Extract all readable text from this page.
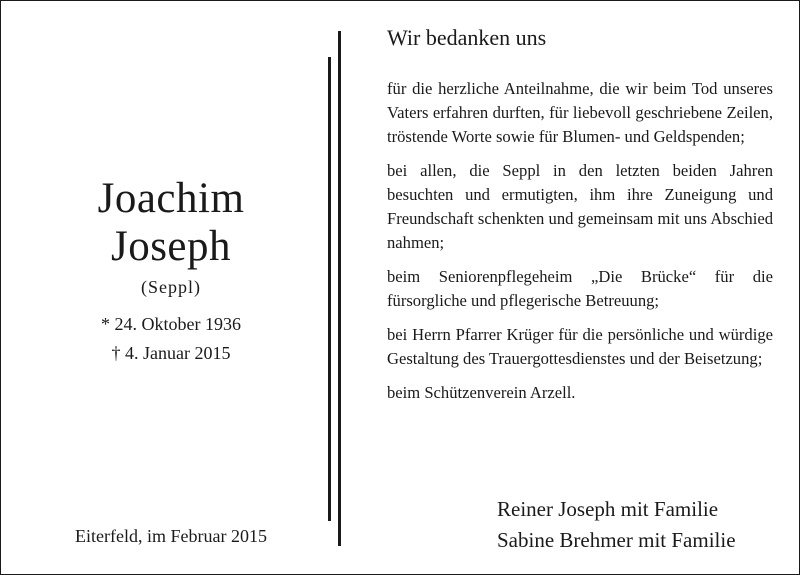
Joachim
Joseph
(Seppl)
* 24. Oktober 1936
† 4. Januar 2015
Eiterfeld, im Februar 2015
Wir bedanken uns

für die herzliche Anteilnahme, die wir beim Tod unseres Vaters erfahren durften, für liebevoll geschriebene Zeilen, tröstende Worte sowie für Blumen- und Geldspenden;

bei allen, die Seppl in den letzten beiden Jahren besuchten und ermutigten, ihm ihre Zuneigung und Freundschaft schenkten und gemeinsam mit uns Abschied nahmen;

beim Seniorenpflegeheim „Die Brücke“ für die fürsorgliche und pflegerische Betreuung;

bei Herrn Pfarrer Krüger für die persönliche und würdige Gestaltung des Trauergottesdienstes und der Beisetzung;

beim Schützenverein Arzell.

Reiner Joseph mit Familie
Sabine Brehmer mit Familie
